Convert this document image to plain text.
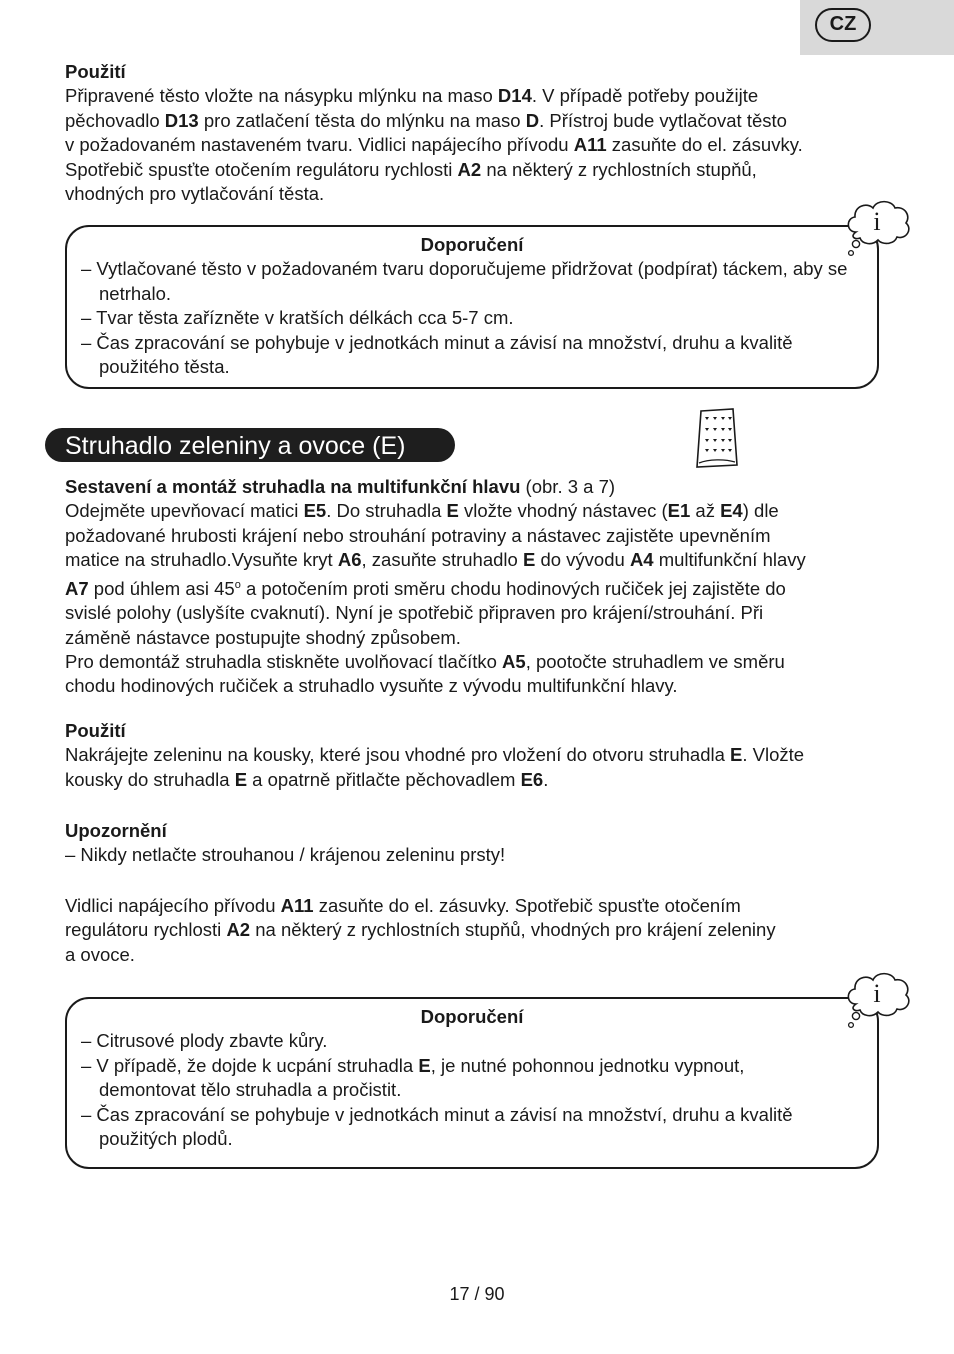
CZ

Použití

Připravené těsto vložte na násypku mlýnku na maso D14. V případě potřeby použijte
pěchovadlo D13 pro zatlačení těsta do mlýnku na maso D. Přístroj bude vytlačovat těsto
v požadovaném nastaveném tvaru. Vidlici napájecího přívodu A11 zasuňte do el. zásuvky.
Spotřebič spusťte otočením regulátoru rychlosti A2 na některý z rychlostních stupňů,
vhodných pro vytlačování těsta.
Doporučení
– Vytlačované těsto v požadovaném tvaru doporučujeme přidržovat (podpírat) táckem, aby se netrhalo.
– Tvar těsta zařízněte v kratších délkách cca 5-7 cm.
– Čas zpracování se pohybuje v jednotkách minut a závisí na množství, druhu a kvalitě použitého těsta.
i
Struhadlo zeleniny a ovoce (E)
Sestavení a montáž struhadla na multifunkční hlavu (obr. 3 a 7)
Odejměte upevňovací matici E5. Do struhadla E vložte vhodný nástavec (E1 až E4) dle
požadované hrubosti krájení nebo strouhání potraviny a nástavec zajistěte upevněním
matice na struhadlo.Vysuňte kryt A6, zasuňte struhadlo E do vývodu A4 multifunkční hlavy
A7 pod úhlem asi 45$^o$ a potočením proti směru chodu hodinových ručiček jej zajistěte do
svislé polohy (uslyšíte cvaknutí). Nyní je spotřebič připraven pro krájení/strouhání. Při
záměně nástavce postupujte shodný způsobem.
Pro demontáž struhadla stiskněte uvolňovací tlačítko A5, pootočte struhadlem ve směru
chodu hodinových ručiček a struhadlo vysuňte z vývodu multifunkční hlavy.

Použití

Nakrájejte zeleninu na kousky, které jsou vhodné pro vložení do otvoru struhadla E. Vložte
kousky do struhadla E a opatrně přitlačte pěchovadlem E6.

Upozornění

– Nikdy netlačte strouhanou / krájenou zeleninu prsty!
Vidlici napájecího přívodu A11 zasuňte do el. zásuvky. Spotřebič spusťte otočením
regulátoru rychlosti A2 na některý z rychlostních stupňů, vhodných pro krájení zeleniny
a ovoce.
Doporučení
– Citrusové plody zbavte kůry.
– V případě, že dojde k ucpání struhadla E, je nutné pohonnou jednotku vypnout, demontovat tělo struhadla a pročistit.
– Čas zpracování se pohybuje v jednotkách minut a závisí na množství, druhu a kvalitě použitých plodů.
i
17 / 90
